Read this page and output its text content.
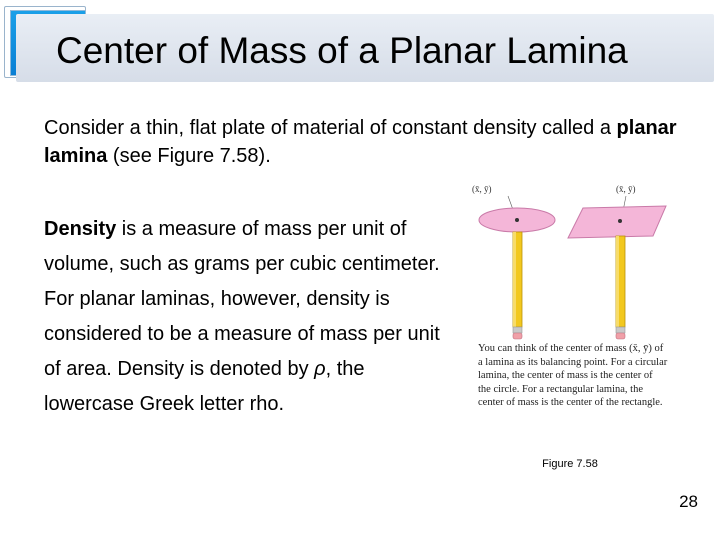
Center of Mass of a Planar Lamina
Consider a thin, flat plate of material of constant density called a planar lamina (see Figure 7.58).
Density is a measure of mass per unit of volume, such as grams per cubic centimeter. For planar laminas, however, density is considered to be a measure of mass per unit of area. Density is denoted by ρ, the lowercase Greek letter rho.
(x̄, ȳ)	(x̄, ȳ)
You can think of the center of mass (x̄, ȳ) of a lamina as its balancing point. For a circular lamina, the center of mass is the center of the circle. For a rectangular lamina, the center of mass is the center of the rectangle.
Figure 7.58
28
